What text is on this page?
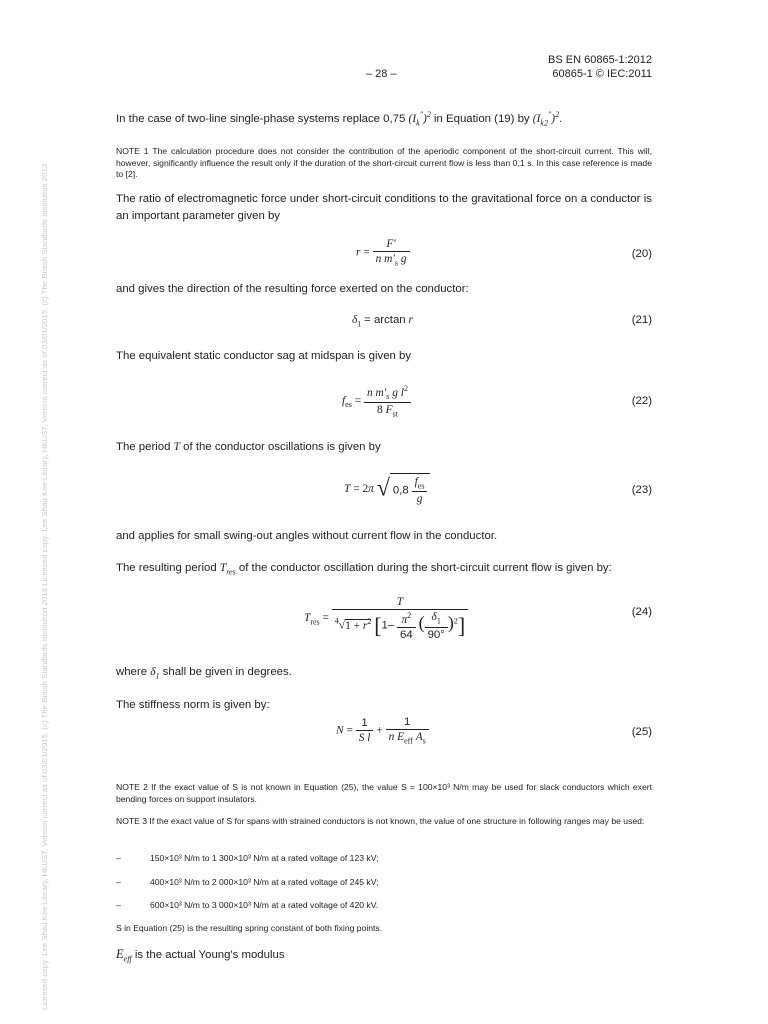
Licensed copy: Lee Shau Kee Library, HKUST, Version correct as of 03/01/2015, (c) The British Standards Institution 2013 Licensed copy: Lee Shau Kee Library, HKUST, Version correct as of 03/01/2015, (c) The British Standards Institution 2013
– 28 –
BS EN 60865-1:2012
60865-1 © IEC:2011
In the case of two-line single-phase systems replace 0,75 $(I_k'')^2$ in Equation (19) by $(I_{k2}'')^2$.
NOTE 1 The calculation procedure does not consider the contribution of the aperiodic component of the short-circuit current. This will, however, significantly influence the result only if the duration of the short-circuit current flow is less than 0,1 s. In this case reference is made to [2].
The ratio of electromagnetic force under short-circuit conditions to the gravitational force on a conductor is an important parameter given by
$r = \frac{F'}{n m'_s g}$	(20)
and gives the direction of the resulting force exerted on the conductor:
$\delta_1 = \arctan r$	(21)
The equivalent static conductor sag at midspan is given by
$f_{es} = \frac{n m'_s g l^2}{8 F_{st}}$	(22)
The period T of the conductor oscillations is given by
T = 2π √ $0,8 \frac{f_{es}}{g}$	(23)
and applies for small swing-out angles without current flow in the conductor.
The resulting period $T_{res}$ of the conductor oscillation during the short-circuit current flow is given by:
$T_{res} = \frac{T}{^4√1 + r^2 [1- \frac{\pi^2}{64} ( \frac{\delta_1}{90^\circ} )^2]}$	(24)
where $\delta_1$ shall be given in degrees.
The stiffness norm is given by:
$N = \frac{1}{\text{S l}} + \frac{1}{n E_{eff} A_s}$	(25)
NOTE 2 If the exact value of S is not known in Equation (25), the value S = 100×10³ N/m may be used for slack conductors which exert bending forces on support insulators.
NOTE 3 If the exact value of S for spans with strained conductors is not known, the value of one structure in following ranges may be used:
–	150×10³ N/m to 1 300×10³ N/m at a rated voltage of 123 kV;
–	400×10³ N/m to 2 000×10³ N/m at a rated voltage of 245 kV;
–	600×10³ N/m to 3 000×10³ N/m at a rated voltage of 420 kV.
S in Equation (25) is the resulting spring constant of both fixing points.
$E_{eff}$ is the actual Young's modulus
